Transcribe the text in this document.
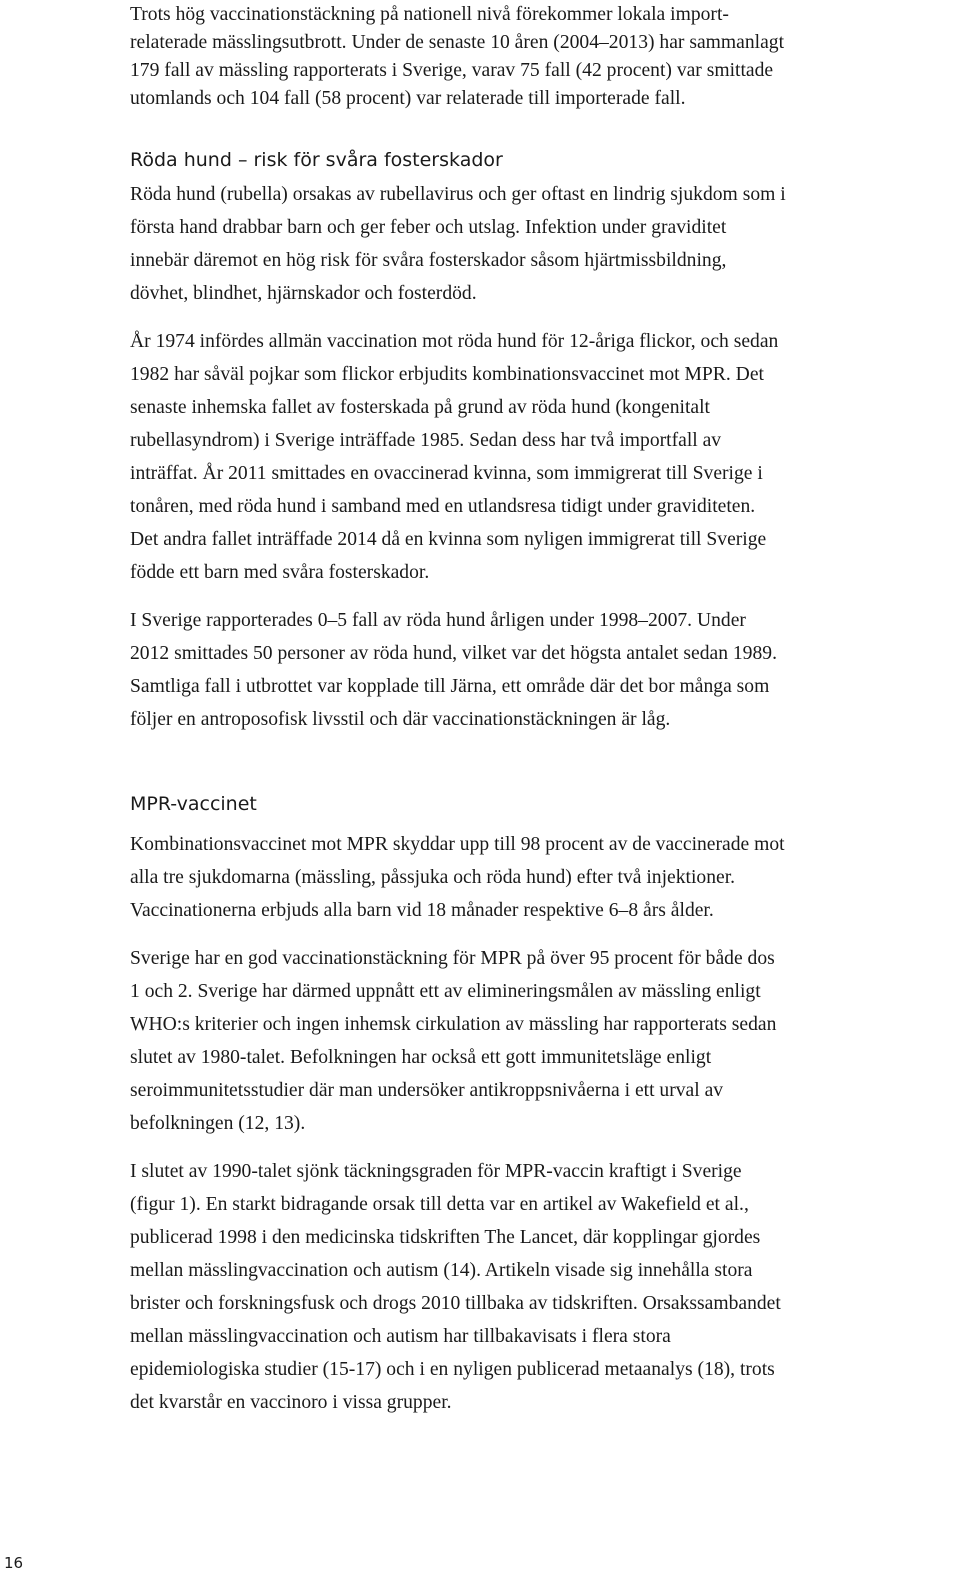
Trots hög vaccinationstäckning på nationell nivå förekommer lokala import-
relaterade mässlingsutbrott. Under de senaste 10 åren (2004–2013) har sammanlagt
179 fall av mässling rapporterats i Sverige, varav 75 fall (42 procent) var smittade
utomlands och 104 fall (58 procent) var relaterade till importerade fall.

Röda hund – risk för svåra fosterskador

Röda hund (rubella) orsakas av rubellavirus och ger oftast en lindrig sjukdom som i
första hand drabbar barn och ger feber och utslag. Infektion under graviditet
innebär däremot en hög risk för svåra fosterskador såsom hjärtmissbildning,
dövhet, blindhet, hjärnskador och fosterdöd.

År 1974 infördes allmän vaccination mot röda hund för 12-åriga flickor, och sedan
1982 har såväl pojkar som flickor erbjudits kombinationsvaccinet mot MPR. Det
senaste inhemska fallet av fosterskada på grund av röda hund (kongenitalt
rubellasyndrom) i Sverige inträffade 1985. Sedan dess har två importfall av
inträffat. År 2011 smittades en ovaccinerad kvinna, som immigrerat till Sverige i
tonåren, med röda hund i samband med en utlandsresa tidigt under graviditeten.
Det andra fallet inträffade 2014 då en kvinna som nyligen immigrerat till Sverige
födde ett barn med svåra fosterskador.

I Sverige rapporterades 0–5 fall av röda hund årligen under 1998–2007. Under
2012 smittades 50 personer av röda hund, vilket var det högsta antalet sedan 1989.
Samtliga fall i utbrottet var kopplade till Järna, ett område där det bor många som
följer en antroposofisk livsstil och där vaccinationstäckningen är låg.

MPR-vaccinet

Kombinationsvaccinet mot MPR skyddar upp till 98 procent av de vaccinerade mot
alla tre sjukdomarna (mässling, påssjuka och röda hund) efter två injektioner.
Vaccinationerna erbjuds alla barn vid 18 månader respektive 6–8 års ålder.

Sverige har en god vaccinationstäckning för MPR på över 95 procent för både dos
1 och 2. Sverige har därmed uppnått ett av elimineringsmålen av mässling enligt
WHO:s kriterier och ingen inhemsk cirkulation av mässling har rapporterats sedan
slutet av 1980-talet. Befolkningen har också ett gott immunitetsläge enligt
seroimmunitetsstudier där man undersöker antikroppsnivåerna i ett urval av
befolkningen (12, 13).

I slutet av 1990-talet sjönk täckningsgraden för MPR-vaccin kraftigt i Sverige
(figur 1). En starkt bidragande orsak till detta var en artikel av Wakefield et al.,
publicerad 1998 i den medicinska tidskriften The Lancet, där kopplingar gjordes
mellan mässlingvaccination och autism (14). Artikeln visade sig innehålla stora
brister och forskningsfusk och drogs 2010 tillbaka av tidskriften. Orsakssambandet
mellan mässlingvaccination och autism har tillbakavisats i flera stora
epidemiologiska studier (15-17) och i en nyligen publicerad metaanalys (18), trots
det kvarstår en vaccinoro i vissa grupper.

16
